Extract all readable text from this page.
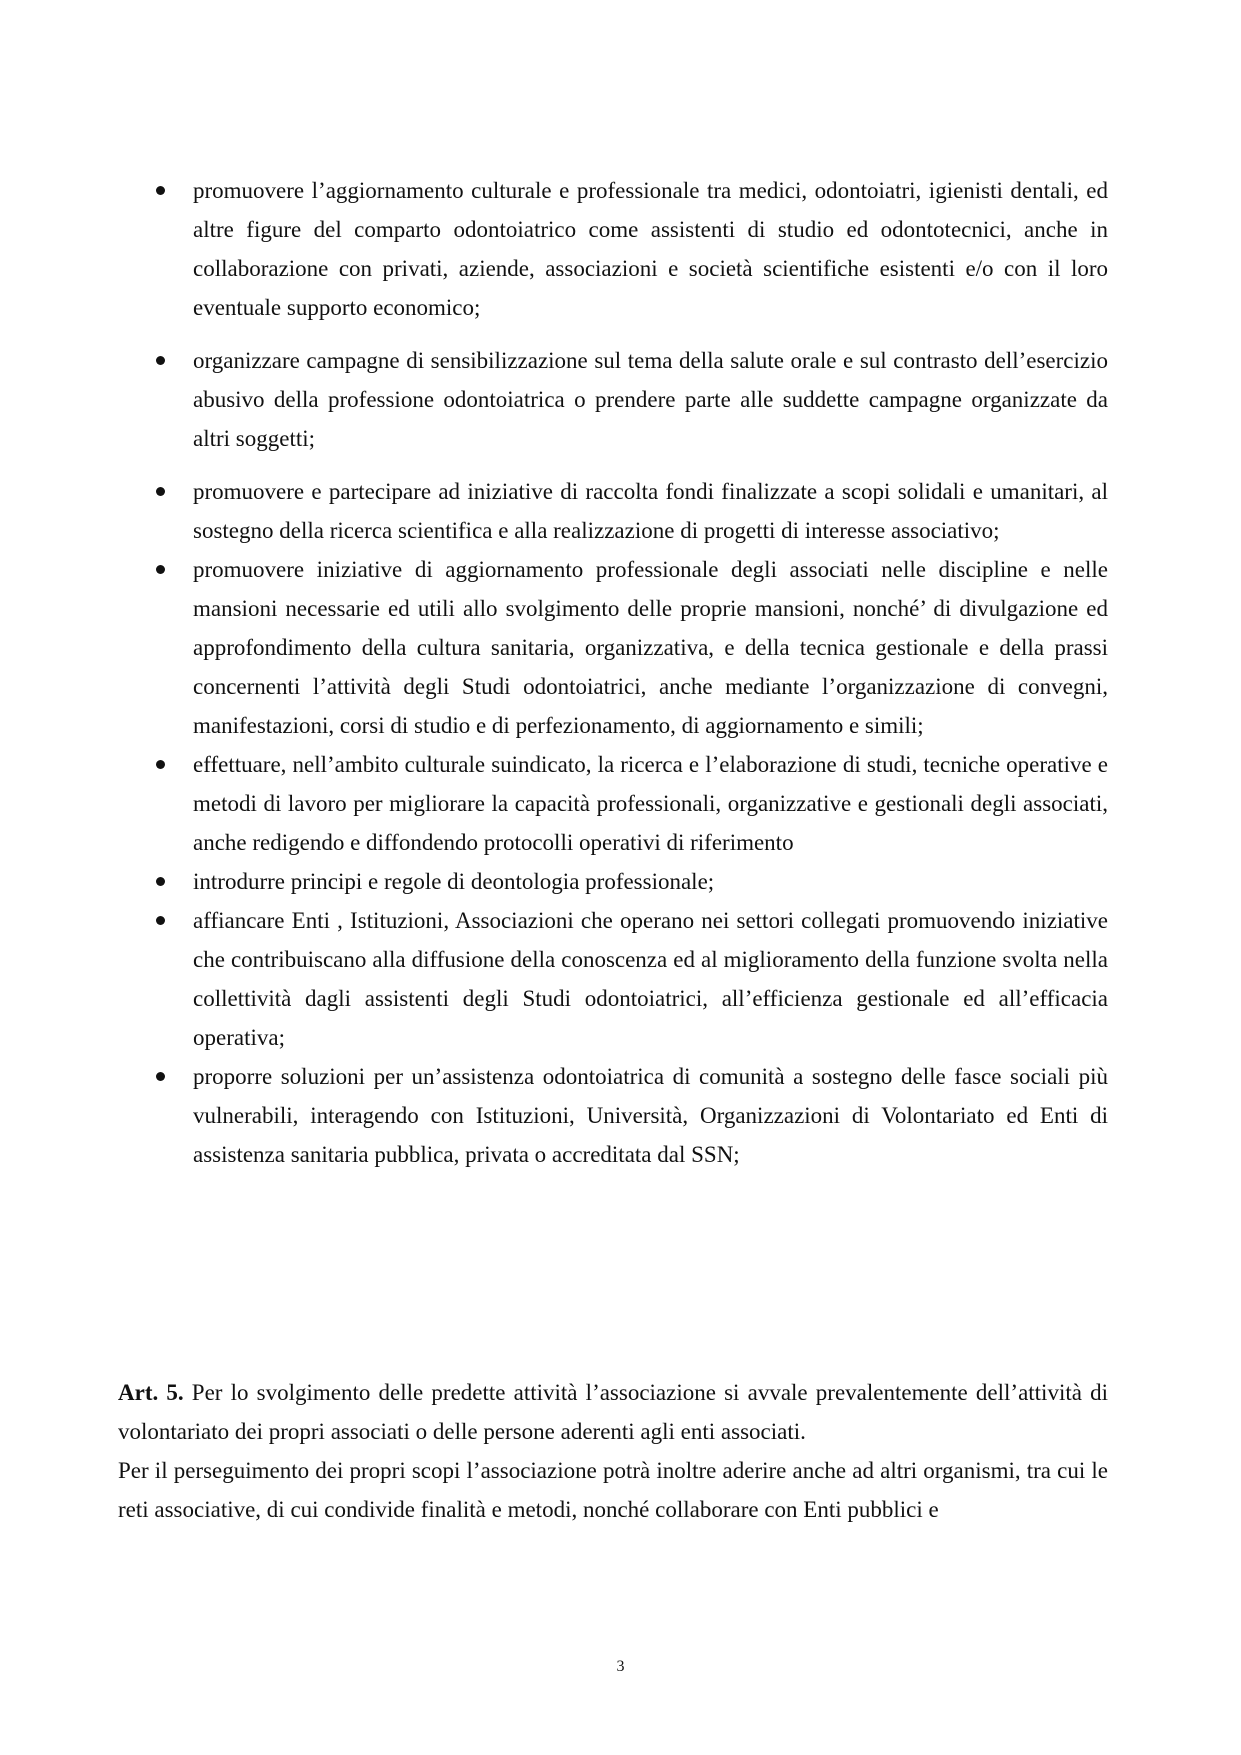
promuovere l’aggiornamento culturale e professionale tra medici, odontoiatri, igienisti dentali, ed altre figure del comparto odontoiatrico come assistenti di studio ed odontotecnici, anche in collaborazione con privati, aziende, associazioni e società scientifiche esistenti e/o con il loro eventuale supporto economico;
organizzare campagne di sensibilizzazione sul tema della salute orale e sul contrasto dell’esercizio abusivo della professione odontoiatrica o prendere parte alle suddette campagne organizzate da altri soggetti;
promuovere e partecipare ad iniziative di raccolta fondi finalizzate a scopi solidali e umanitari, al sostegno della ricerca scientifica e alla realizzazione di progetti di interesse associativo;
promuovere iniziative di aggiornamento professionale degli associati nelle discipline e nelle mansioni necessarie ed utili allo svolgimento delle proprie mansioni, nonché’ di divulgazione ed approfondimento della cultura sanitaria, organizzativa, e della tecnica gestionale e della prassi concernenti l’attività degli Studi odontoiatrici, anche mediante l’organizzazione di convegni, manifestazioni, corsi di studio e di perfezionamento, di aggiornamento e simili;
effettuare, nell’ambito culturale suindicato, la ricerca e l’elaborazione di studi, tecniche operative e metodi di lavoro per migliorare la capacità professionali, organizzative e gestionali degli associati, anche redigendo e diffondendo protocolli operativi di riferimento
introdurre principi e regole di deontologia professionale;
affiancare Enti , Istituzioni, Associazioni che operano nei settori collegati promuovendo iniziative che contribuiscano alla diffusione della conoscenza ed al miglioramento della funzione svolta nella collettività dagli assistenti degli Studi odontoiatrici, all’efficienza gestionale ed all’efficacia operativa;
proporre soluzioni per un’assistenza odontoiatrica di comunità a sostegno delle fasce sociali più vulnerabili, interagendo con Istituzioni, Università, Organizzazioni di Volontariato ed Enti di assistenza sanitaria pubblica, privata o accreditata dal SSN;

Art. 5. Per lo svolgimento delle predette attività l’associazione si avvale prevalentemente dell’attività di volontariato dei propri associati o delle persone aderenti agli enti associati.

Per il perseguimento dei propri scopi l’associazione potrà inoltre aderire anche ad altri organismi, tra cui le reti associative, di cui condivide finalità e metodi, nonché collaborare con Enti pubblici e

3
